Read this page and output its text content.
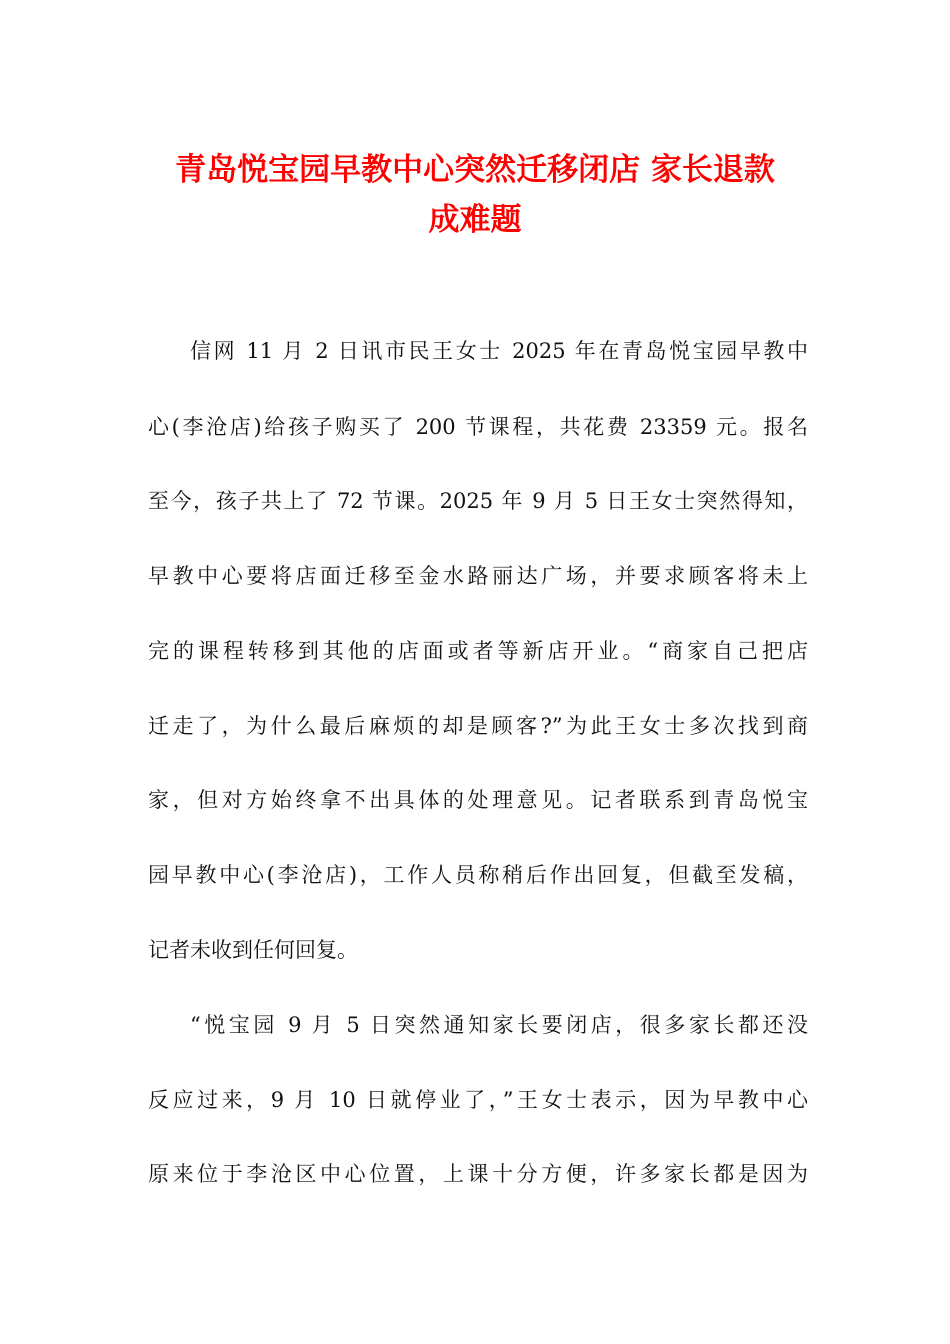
青岛悦宝园早教中心突然迁移闭店 家长退款
成难题

信网 11 月 2 日讯市民王女士 2025 年在青岛悦宝园早教中

心(李沧店)给孩子购买了 200 节课程，共花费 23359 元。报名

至今，孩子共上了 72 节课。2025 年 9 月 5 日王女士突然得知，

早教中心要将店面迁移至金水路丽达广场，并要求顾客将未上

完的课程转移到其他的店面或者等新店开业。“商家自己把店

迁走了，为什么最后麻烦的却是顾客?”为此王女士多次找到商

家，但对方始终拿不出具体的处理意见。记者联系到青岛悦宝

园早教中心(李沧店)，工作人员称稍后作出回复，但截至发稿，

记者未收到任何回复。

“悦宝园 9 月 5 日突然通知家长要闭店，很多家长都还没

反应过来，9 月 10 日就停业了，”王女士表示，因为早教中心

原来位于李沧区中心位置，上课十分方便，许多家长都是因为
